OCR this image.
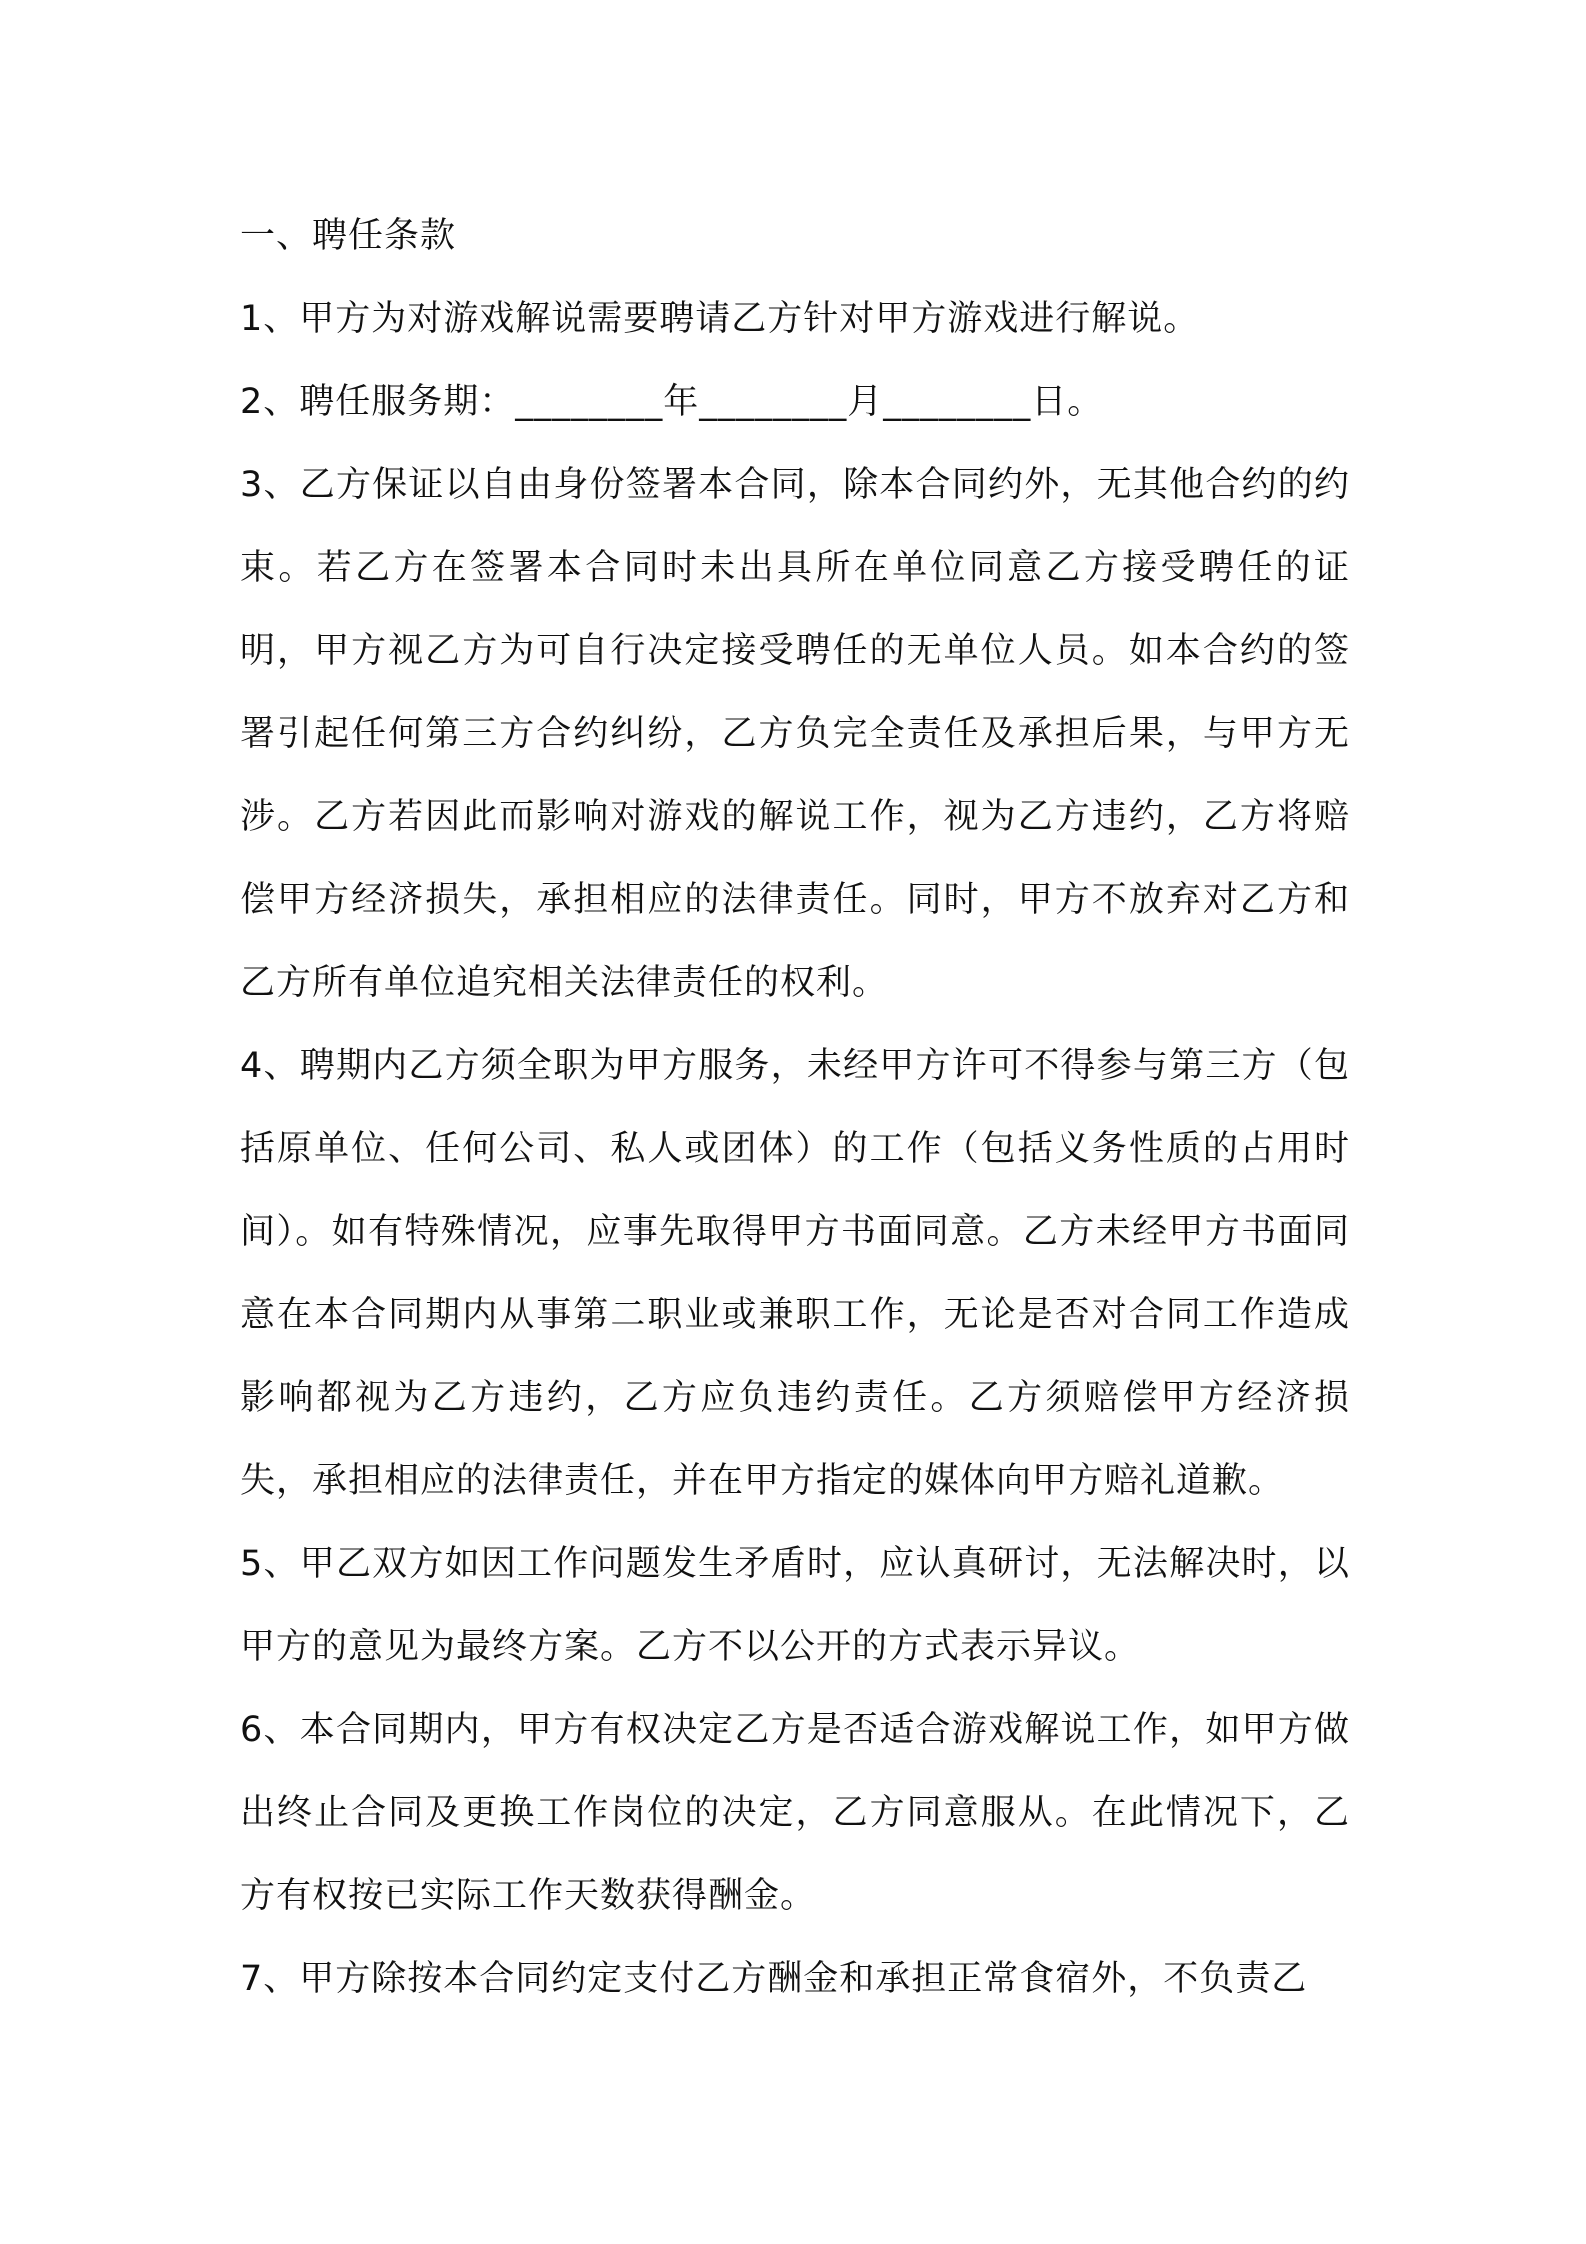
一、聘任条款

1、甲方为对游戏解说需要聘请乙方针对甲方游戏进行解说。

2、聘任服务期：________年________月________日。

3、乙方保证以自由身份签署本合同，除本合同约外，无其他合约的约束。若乙方在签署本合同时未出具所在单位同意乙方接受聘任的证明，甲方视乙方为可自行决定接受聘任的无单位人员。如本合约的签署引起任何第三方合约纠纷，乙方负完全责任及承担后果，与甲方无涉。乙方若因此而影响对游戏的解说工作，视为乙方违约，乙方将赔偿甲方经济损失，承担相应的法律责任。同时，甲方不放弃对乙方和乙方所有单位追究相关法律责任的权利。

4、聘期内乙方须全职为甲方服务，未经甲方许可不得参与第三方（包括原单位、任何公司、私人或团体）的工作（包括义务性质的占用时间）。如有特殊情况，应事先取得甲方书面同意。乙方未经甲方书面同意在本合同期内从事第二职业或兼职工作，无论是否对合同工作造成影响都视为乙方违约，乙方应负违约责任。乙方须赔偿甲方经济损失，承担相应的法律责任，并在甲方指定的媒体向甲方赔礼道歉。

5、甲乙双方如因工作问题发生矛盾时，应认真研讨，无法解决时，以甲方的意见为最终方案。乙方不以公开的方式表示异议。

6、本合同期内，甲方有权决定乙方是否适合游戏解说工作，如甲方做出终止合同及更换工作岗位的决定，乙方同意服从。在此情况下，乙方有权按已实际工作天数获得酬金。

7、甲方除按本合同约定支付乙方酬金和承担正常食宿外，不负责乙
